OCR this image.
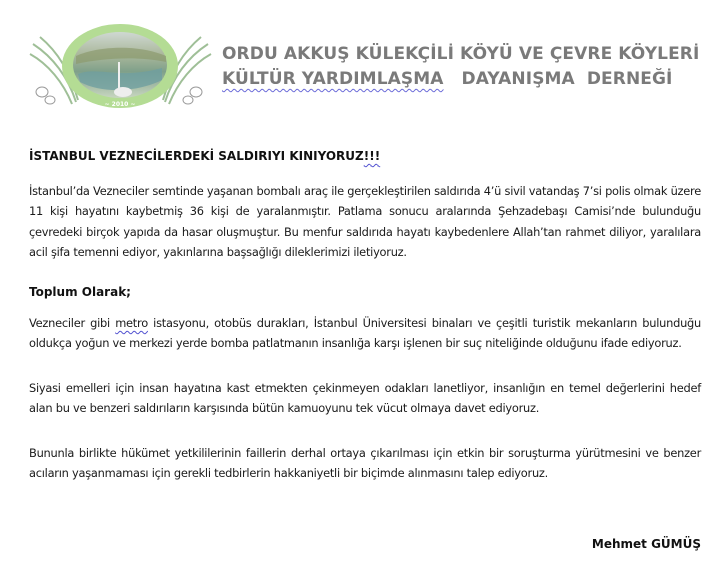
~ 2010 ~
ORDU AKKUŞ KÜLEKÇİLİ KÖYÜ VE ÇEVRE KÖYLERİ
KÜLTÜR YARDIMLAŞMA   DAYANIŞMA  DERNEĞİ
İSTANBUL VEZNECİLERDEKİ SALDIRIYI KINIYORUZ!!!
İstanbul’da Vezneciler semtinde yaşanan bombalı araç ile gerçekleştirilen saldırıda 4’ü sivil vatandaş 7’si polis olmak üzere 11 kişi hayatını kaybetmiş 36 kişi de yaralanmıştır. Patlama sonucu aralarında Şehzadebaşı Camisi’nde bulunduğu çevredeki birçok yapıda da hasar oluşmuştur. Bu menfur saldırıda hayatı kaybedenlere Allah’tan rahmet diliyor, yaralılara acil şifa temenni ediyor, yakınlarına başsağlığı dileklerimizi iletiyoruz.
Toplum Olarak;
Vezneciler gibi metro istasyonu, otobüs durakları, İstanbul Üniversitesi binaları ve çeşitli turistik mekanların bulunduğu oldukça yoğun ve merkezi yerde bomba patlatmanın insanlığa karşı işlenen bir suç niteliğinde olduğunu ifade ediyoruz.
Siyasi emelleri için insan hayatına kast etmekten çekinmeyen odakları lanetliyor, insanlığın en temel değerlerini hedef alan bu ve benzeri saldırıların karşısında bütün kamuoyunu tek vücut olmaya davet ediyoruz.
Bununla birlikte hükümet yetkililerinin faillerin derhal ortaya çıkarılması için etkin bir soruşturma yürütmesini ve benzer acıların yaşanmaması için gerekli tedbirlerin hakkaniyetli bir biçimde alınmasını talep ediyoruz.
Mehmet GÜMÜŞ
